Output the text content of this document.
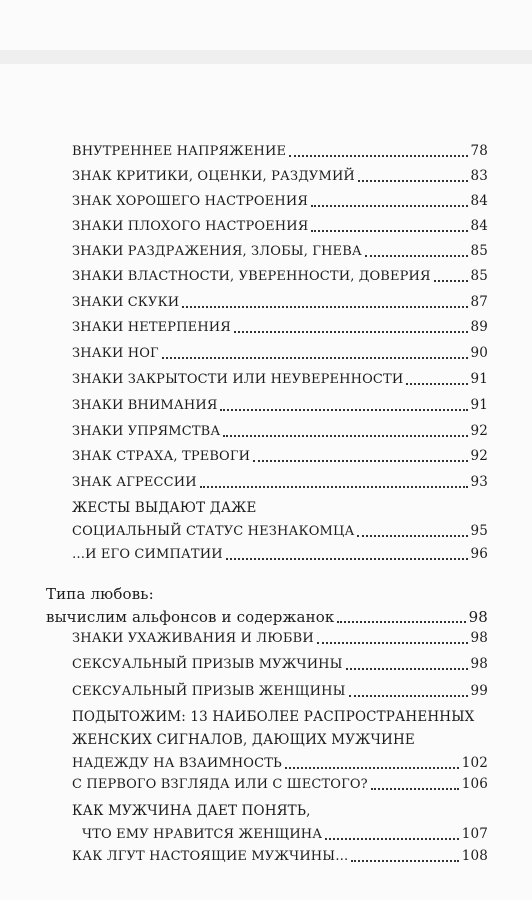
ВНУТРЕННЕЕ НАПРЯЖЕНИЕ	78
ЗНАК КРИТИКИ, ОЦЕНКИ, РАЗДУМИЙ	83
ЗНАК ХОРОШЕГО НАСТРОЕНИЯ	84
ЗНАКИ ПЛОХОГО НАСТРОЕНИЯ	84
ЗНАКИ РАЗДРАЖЕНИЯ, ЗЛОБЫ, ГНЕВА	85
ЗНАКИ ВЛАСТНОСТИ, УВЕРЕННОСТИ, ДОВЕРИЯ	85
ЗНАКИ СКУКИ	87
ЗНАКИ НЕТЕРПЕНИЯ	89
ЗНАКИ НОГ	90
ЗНАКИ ЗАКРЫТОСТИ ИЛИ НЕУВЕРЕННОСТИ	91
ЗНАКИ ВНИМАНИЯ	91
ЗНАКИ УПРЯМСТВА	92
ЗНАК СТРАХА, ТРЕВОГИ	92
ЗНАК АГРЕССИИ	93
ЖЕСТЫ ВЫДАЮТ ДАЖЕ
СОЦИАЛЬНЫЙ СТАТУС НЕЗНАКОМЦА	95
…И ЕГО СИМПАТИИ	96
Типа любовь:
вычислим альфонсов и содержанок	98
ЗНАКИ УХАЖИВАНИЯ И ЛЮБВИ	98
СЕКСУАЛЬНЫЙ ПРИЗЫВ МУЖЧИНЫ	98
СЕКСУАЛЬНЫЙ ПРИЗЫВ ЖЕНЩИНЫ	99
ПОДЫТОЖИМ: 13 НАИБОЛЕЕ РАСПРОСТРАНЕННЫХ
ЖЕНСКИХ СИГНАЛОВ, ДАЮЩИХ МУЖЧИНЕ
НАДЕЖДУ НА ВЗАИМНОСТЬ	102
С ПЕРВОГО ВЗГЛЯДА ИЛИ С ШЕСТОГО?	106
КАК МУЖЧИНА ДАЕТ ПОНЯТЬ,
ЧТО ЕМУ НРАВИТСЯ ЖЕНЩИНА	107
КАК ЛГУТ НАСТОЯЩИЕ МУЖЧИНЫ…	108
